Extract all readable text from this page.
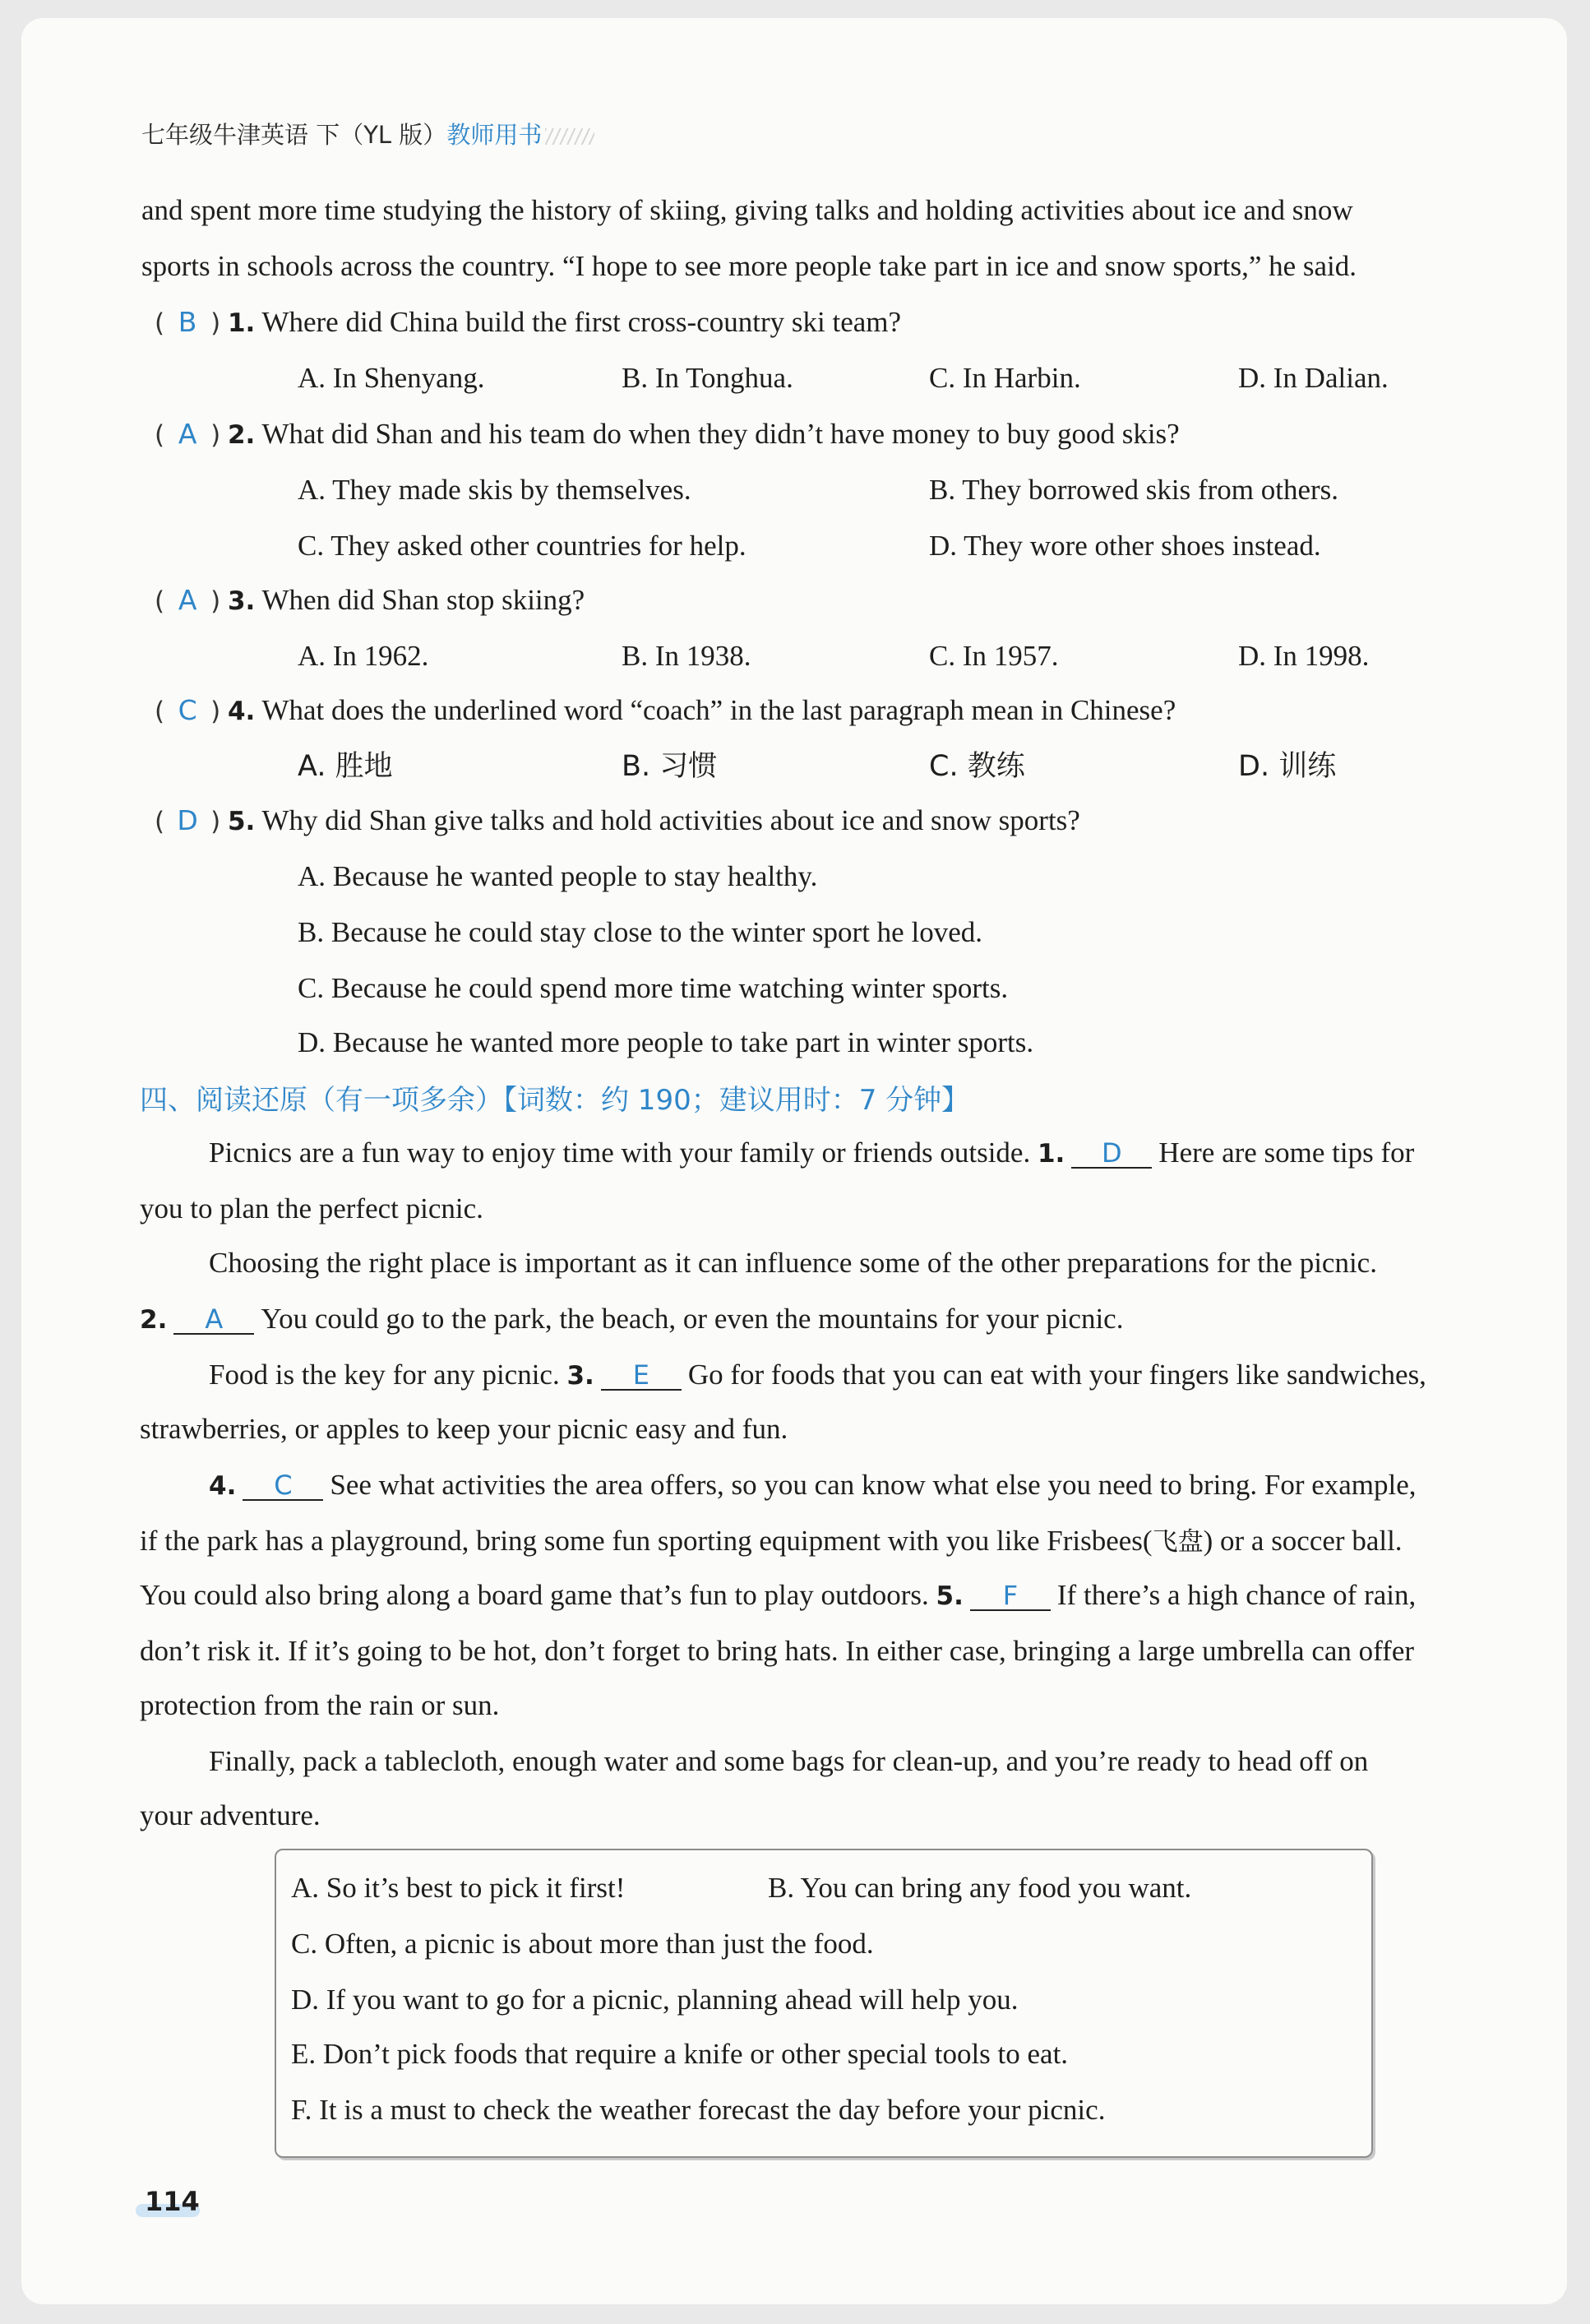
七年级牛津英语 下（YL 版）教师用书
and spent more time studying the history of skiing, giving talks and holding activities about ice and snow
sports in schools across the country. “I hope to see more people take part in ice and snow sports,” he said.
( B ) 1. Where did China build the first cross-country ski team?
A. In Shenyang.	B. In Tonghua.	C. In Harbin.	D. In Dalian.
( A ) 2. What did Shan and his team do when they didn’t have money to buy good skis?
A. They made skis by themselves.	B. They borrowed skis from others.
C. They asked other countries for help.	D. They wore other shoes instead.
( A ) 3. When did Shan stop skiing?
A. In 1962.	B. In 1938.	C. In 1957.	D. In 1998.
( C ) 4. What does the underlined word “coach” in the last paragraph mean in Chinese?
A. 胜地	B. 习惯	C. 教练	D. 训练
( D ) 5. Why did Shan give talks and hold activities about ice and snow sports?
A. Because he wanted people to stay healthy.
B. Because he could stay close to the winter sport he loved.
C. Because he could spend more time watching winter sports.
D. Because he wanted more people to take part in winter sports.
四、阅读还原（有一项多余）【词数：约 190；建议用时：7 分钟】
Picnics are a fun way to enjoy time with your family or friends outside. 1. D Here are some tips for
you to plan the perfect picnic.
Choosing the right place is important as it can influence some of the other preparations for the picnic.
2. A You could go to the park, the beach, or even the mountains for your picnic.
Food is the key for any picnic. 3. E Go for foods that you can eat with your fingers like sandwiches,
strawberries, or apples to keep your picnic easy and fun.
4. C See what activities the area offers, so you can know what else you need to bring. For example,
if the park has a playground, bring some fun sporting equipment with you like Frisbees(飞盘) or a soccer ball.
You could also bring along a board game that’s fun to play outdoors. 5. F If there’s a high chance of rain,
don’t risk it. If it’s going to be hot, don’t forget to bring hats. In either case, bringing a large umbrella can offer
protection from the rain or sun.
Finally, pack a tablecloth, enough water and some bags for clean-up, and you’re ready to head off on
your adventure.
A. So it’s best to pick it first!	B. You can bring any food you want.
C. Often, a picnic is about more than just the food.
D. If you want to go for a picnic, planning ahead will help you.
E. Don’t pick foods that require a knife or other special tools to eat.
F. It is a must to check the weather forecast the day before your picnic.
114
